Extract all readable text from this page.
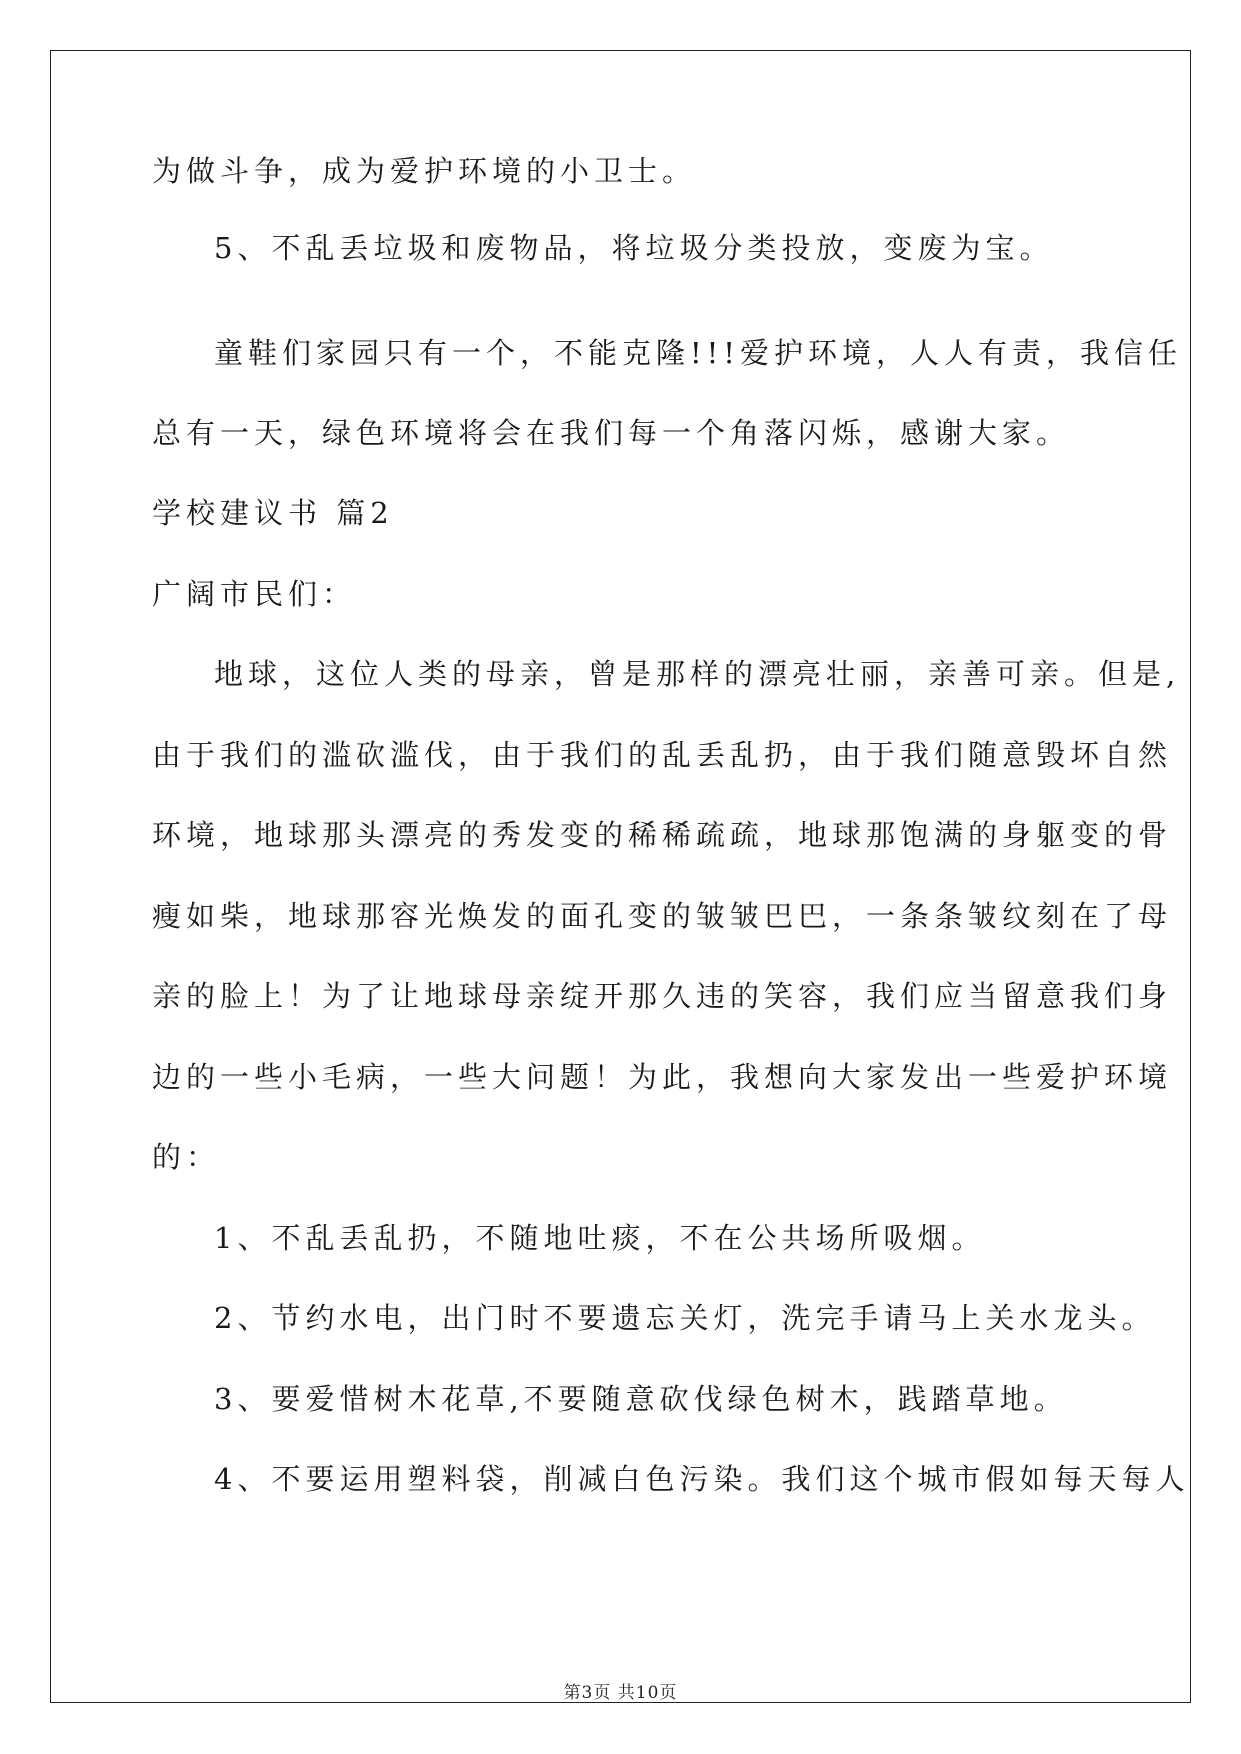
为做斗争，成为爱护环境的小卫士。
5、不乱丢垃圾和废物品，将垃圾分类投放，变废为宝。
童鞋们家园只有一个，不能克隆!!!爱护环境，人人有责，我信任
总有一天，绿色环境将会在我们每一个角落闪烁，感谢大家。
学校建议书 篇2
广阔市民们：
地球，这位人类的母亲，曾是那样的漂亮壮丽，亲善可亲。但是,
由于我们的滥砍滥伐，由于我们的乱丢乱扔，由于我们随意毁坏自然
环境，地球那头漂亮的秀发变的稀稀疏疏，地球那饱满的身躯变的骨
瘦如柴，地球那容光焕发的面孔变的皱皱巴巴，一条条皱纹刻在了母
亲的脸上！为了让地球母亲绽开那久违的笑容，我们应当留意我们身
边的一些小毛病，一些大问题！为此，我想向大家发出一些爱护环境
的：
1、不乱丢乱扔，不随地吐痰，不在公共场所吸烟。
2、节约水电，出门时不要遗忘关灯，洗完手请马上关水龙头。
3、要爱惜树木花草,不要随意砍伐绿色树木，践踏草地。
4、不要运用塑料袋，削减白色污染。我们这个城市假如每天每人
第3页 共10页
